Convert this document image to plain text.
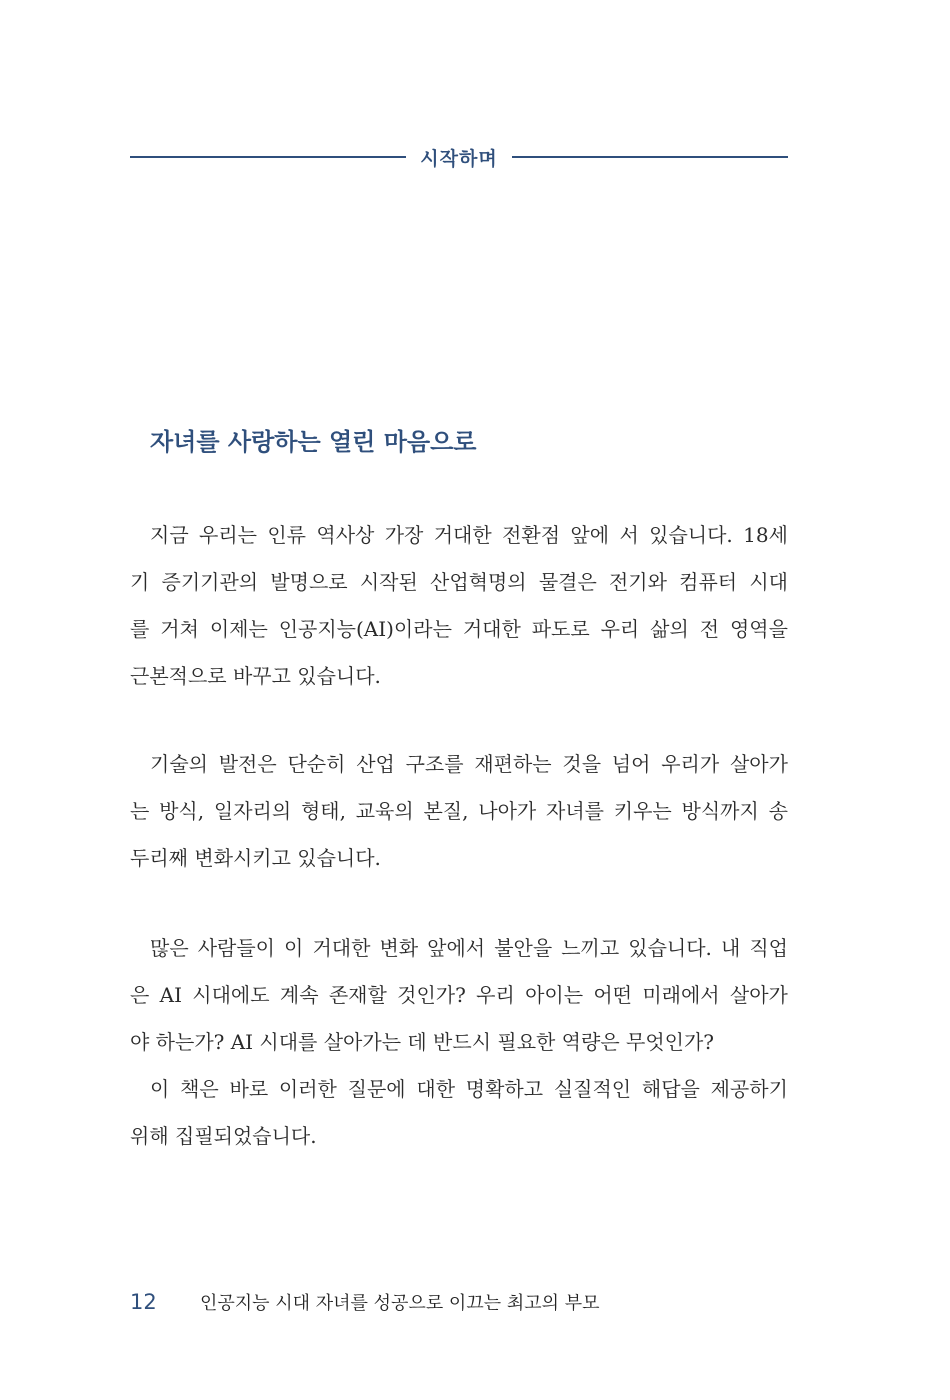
시작하며
자녀를 사랑하는 열린 마음으로
지금 우리는 인류 역사상 가장 거대한 전환점 앞에 서 있습니다. 18세
기 증기기관의 발명으로 시작된 산업혁명의 물결은 전기와 컴퓨터 시대
를 거쳐 이제는 인공지능(AI)이라는 거대한 파도로 우리 삶의 전 영역을
근본적으로 바꾸고 있습니다.
기술의 발전은 단순히 산업 구조를 재편하는 것을 넘어 우리가 살아가
는 방식, 일자리의 형태, 교육의 본질, 나아가 자녀를 키우는 방식까지 송
두리째 변화시키고 있습니다.
많은 사람들이 이 거대한 변화 앞에서 불안을 느끼고 있습니다. 내 직업
은 AI 시대에도 계속 존재할 것인가? 우리 아이는 어떤 미래에서 살아가
야 하는가? AI 시대를 살아가는 데 반드시 필요한 역량은 무엇인가?
이 책은 바로 이러한 질문에 대한 명확하고 실질적인 해답을 제공하기
위해 집필되었습니다.
12	인공지능 시대 자녀를 성공으로 이끄는 최고의 부모
